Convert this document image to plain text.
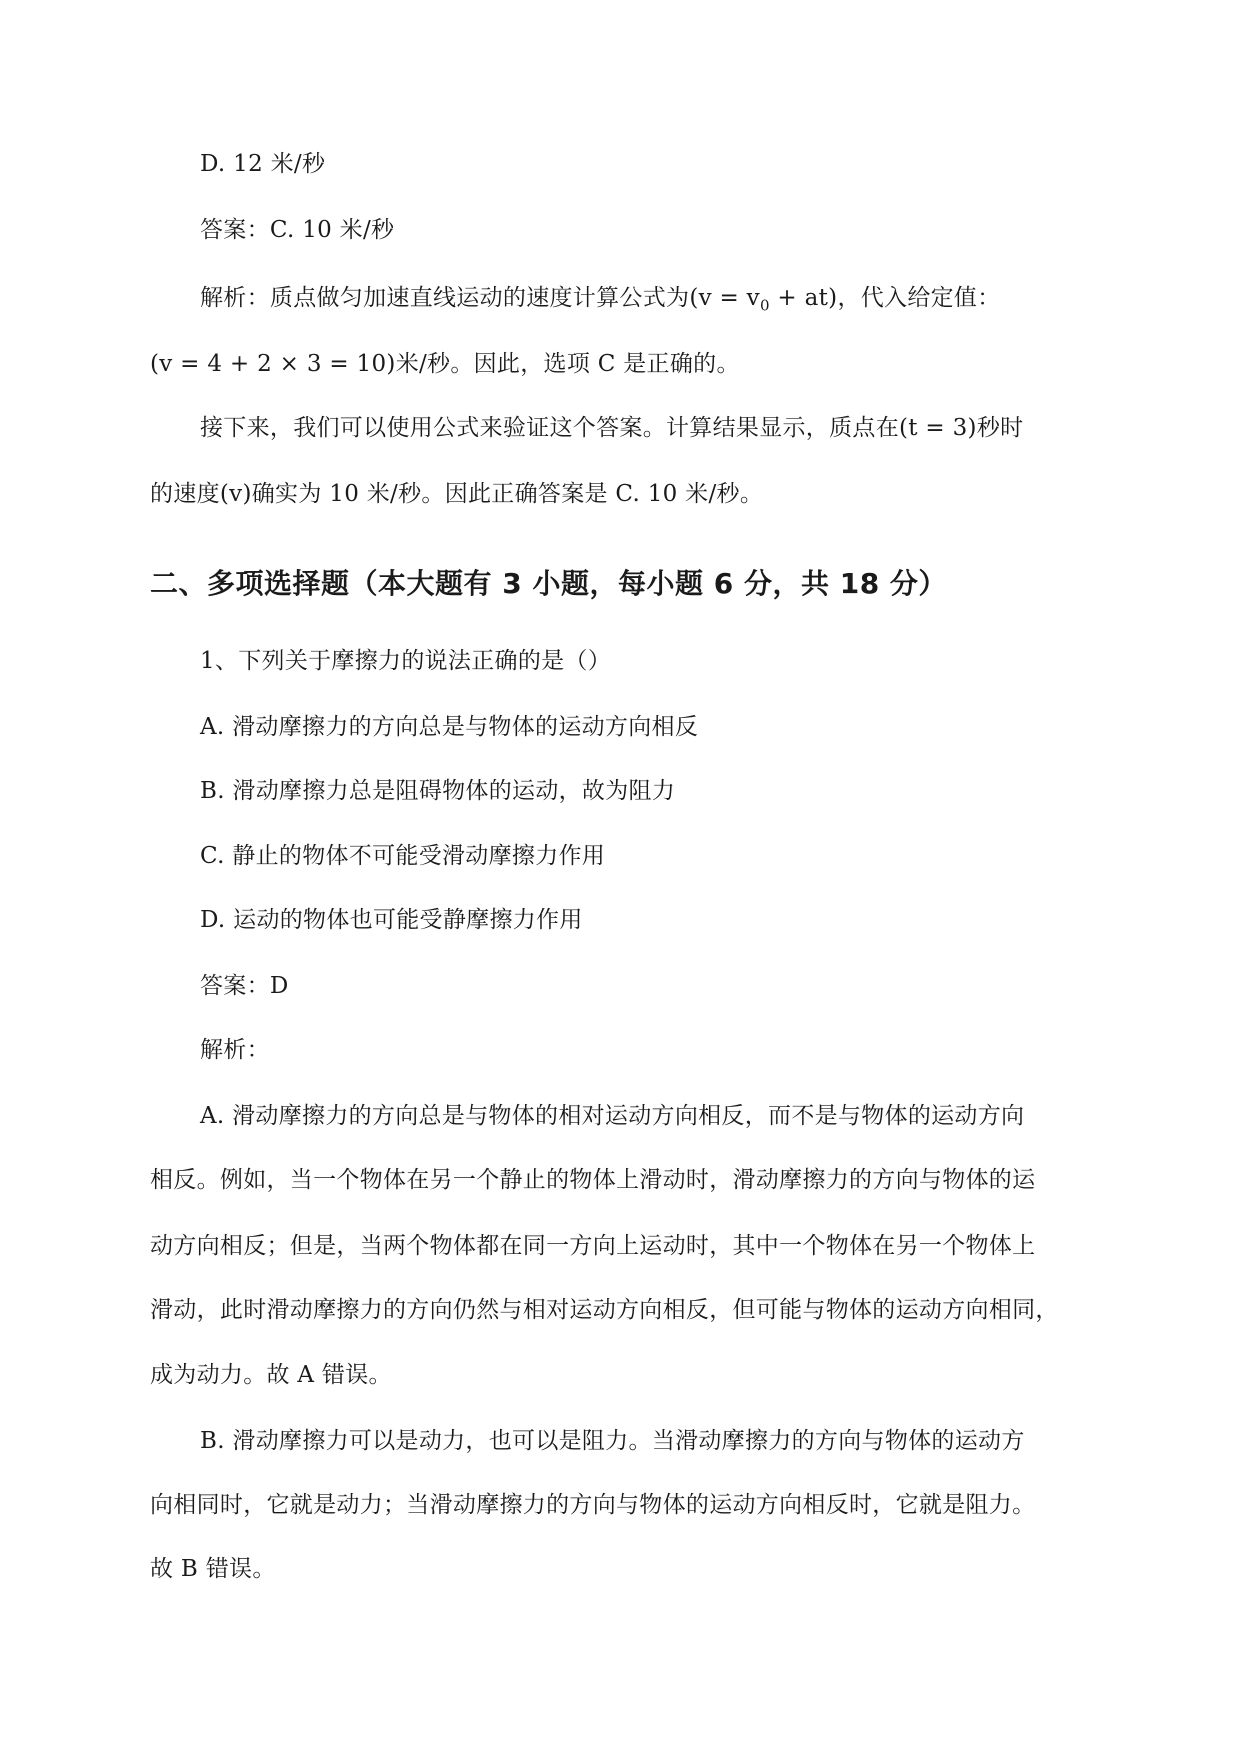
D. 12 米/秒
答案：C. 10 米/秒
解析：质点做匀加速直线运动的速度计算公式为$(v = v_0 + at)$，代入给定值：
(v = 4 + 2 × 3 = 10)米/秒。因此，选项 C 是正确的。
接下来，我们可以使用公式来验证这个答案。计算结果显示，质点在(t = 3)秒时
的速度(v)确实为 10 米/秒。因此正确答案是 C. 10 米/秒。
二、多项选择题（本大题有 3 小题，每小题 6 分，共 18 分）
1、下列关于摩擦力的说法正确的是（）
A. 滑动摩擦力的方向总是与物体的运动方向相反
B. 滑动摩擦力总是阻碍物体的运动，故为阻力
C. 静止的物体不可能受滑动摩擦力作用
D. 运动的物体也可能受静摩擦力作用
答案：D
解析：
A. 滑动摩擦力的方向总是与物体的相对运动方向相反，而不是与物体的运动方向
相反。例如，当一个物体在另一个静止的物体上滑动时，滑动摩擦力的方向与物体的运
动方向相反；但是，当两个物体都在同一方向上运动时，其中一个物体在另一个物体上
滑动，此时滑动摩擦力的方向仍然与相对运动方向相反，但可能与物体的运动方向相同，
成为动力。故 A 错误。
B. 滑动摩擦力可以是动力，也可以是阻力。当滑动摩擦力的方向与物体的运动方
向相同时，它就是动力；当滑动摩擦力的方向与物体的运动方向相反时，它就是阻力。
故 B 错误。
